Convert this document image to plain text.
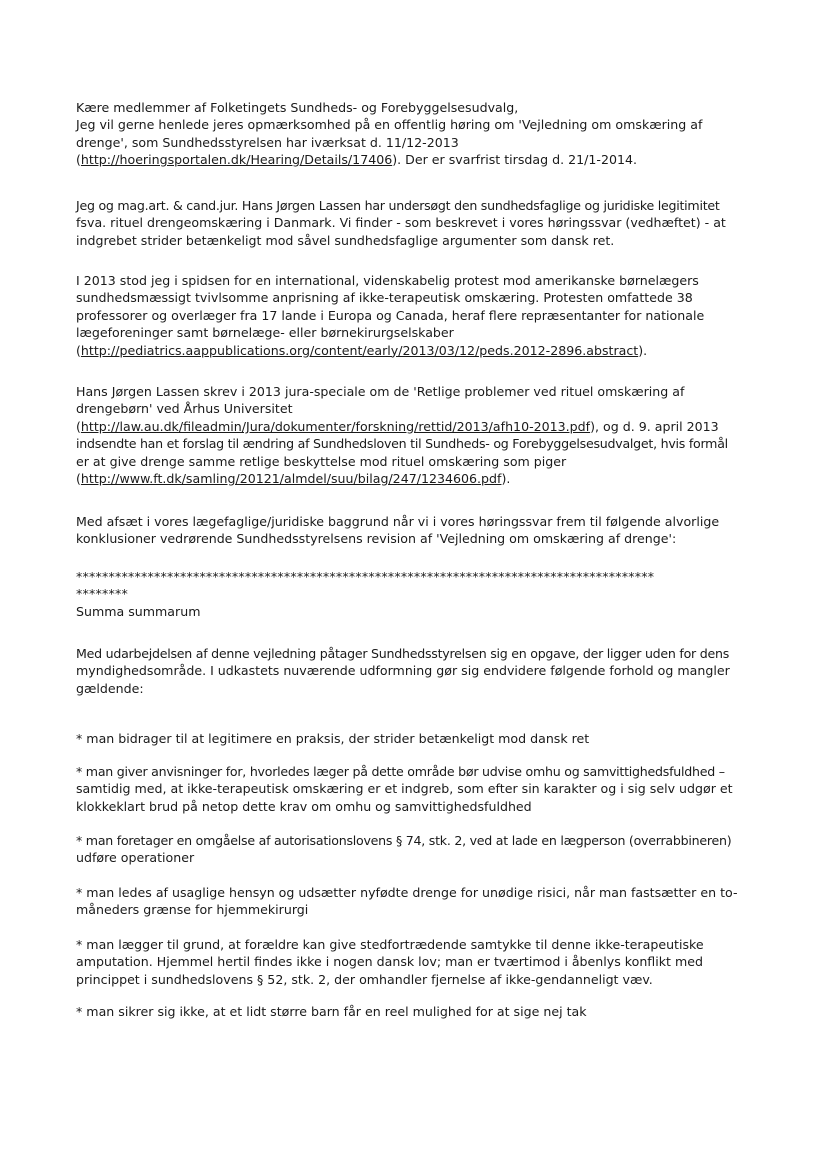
Kære medlemmer af Folketingets Sundheds- og Forebyggelsesudvalg,

Jeg vil gerne henlede jeres opmærksomhed på en offentlig høring om 'Vejledning om omskæring af

drenge', som Sundhedsstyrelsen har iværksat d. 11/12-2013

(http://hoeringsportalen.dk/Hearing/Details/17406). Der er svarfrist tirsdag d. 21/1-2014.

Jeg og mag.art. & cand.jur. Hans Jørgen Lassen har undersøgt den sundhedsfaglige og juridiske legitimitet

fsva. rituel drengeomskæring i Danmark. Vi finder - som beskrevet i vores høringssvar (vedhæftet) - at

indgrebet strider betænkeligt mod såvel sundhedsfaglige argumenter som dansk ret.

I 2013 stod jeg i spidsen for en international, videnskabelig protest mod amerikanske børnelægers

sundhedsmæssigt tvivlsomme anprisning af ikke-terapeutisk omskæring. Protesten omfattede 38

professorer og overlæger fra 17 lande i Europa og Canada, heraf flere repræsentanter for nationale

lægeforeninger samt børnelæge- eller børnekirurgselskaber

(http://pediatrics.aappublications.org/content/early/2013/03/12/peds.2012-2896.abstract).

Hans Jørgen Lassen skrev i 2013 jura-speciale om de 'Retlige problemer ved rituel omskæring af

drengebørn' ved Århus Universitet

(http://law.au.dk/fileadmin/Jura/dokumenter/forskning/rettid/2013/afh10-2013.pdf), og d. 9. april 2013

indsendte han et forslag til ændring af Sundhedsloven til Sundheds- og Forebyggelsesudvalget, hvis formål

er at give drenge samme retlige beskyttelse mod rituel omskæring som piger

(http://www.ft.dk/samling/20121/almdel/suu/bilag/247/1234606.pdf).

Med afsæt i vores lægefaglige/juridiske baggrund når vi i vores høringssvar frem til følgende alvorlige

konklusioner vedrørende Sundhedsstyrelsens revision af 'Vejledning om omskæring af drenge':

*****************************************************************************************

********

Summa summarum

Med udarbejdelsen af denne vejledning påtager Sundhedsstyrelsen sig en opgave, der ligger uden for dens

myndighedsområde. I udkastets nuværende udformning gør sig endvidere følgende forhold og mangler

gældende:

* man bidrager til at legitimere en praksis, der strider betænkeligt mod dansk ret

* man giver anvisninger for, hvorledes læger på dette område bør udvise omhu og samvittighedsfuldhed –

samtidig med, at ikke-terapeutisk omskæring er et indgreb, som efter sin karakter og i sig selv udgør et

klokkeklart brud på netop dette krav om omhu og samvittighedsfuldhed

* man foretager en omgåelse af autorisationslovens § 74, stk. 2, ved at lade en lægperson (overrabbineren)

udføre operationer

* man ledes af usaglige hensyn og udsætter nyfødte drenge for unødige risici, når man fastsætter en to-

måneders grænse for hjemmekirurgi

* man lægger til grund, at forældre kan give stedfortrædende samtykke til denne ikke-terapeutiske

amputation. Hjemmel hertil findes ikke i nogen dansk lov; man er tværtimod i åbenlys konflikt med

princippet i sundhedslovens § 52, stk. 2, der omhandler fjernelse af ikke-gendanneligt væv.

* man sikrer sig ikke, at et lidt større barn får en reel mulighed for at sige nej tak
